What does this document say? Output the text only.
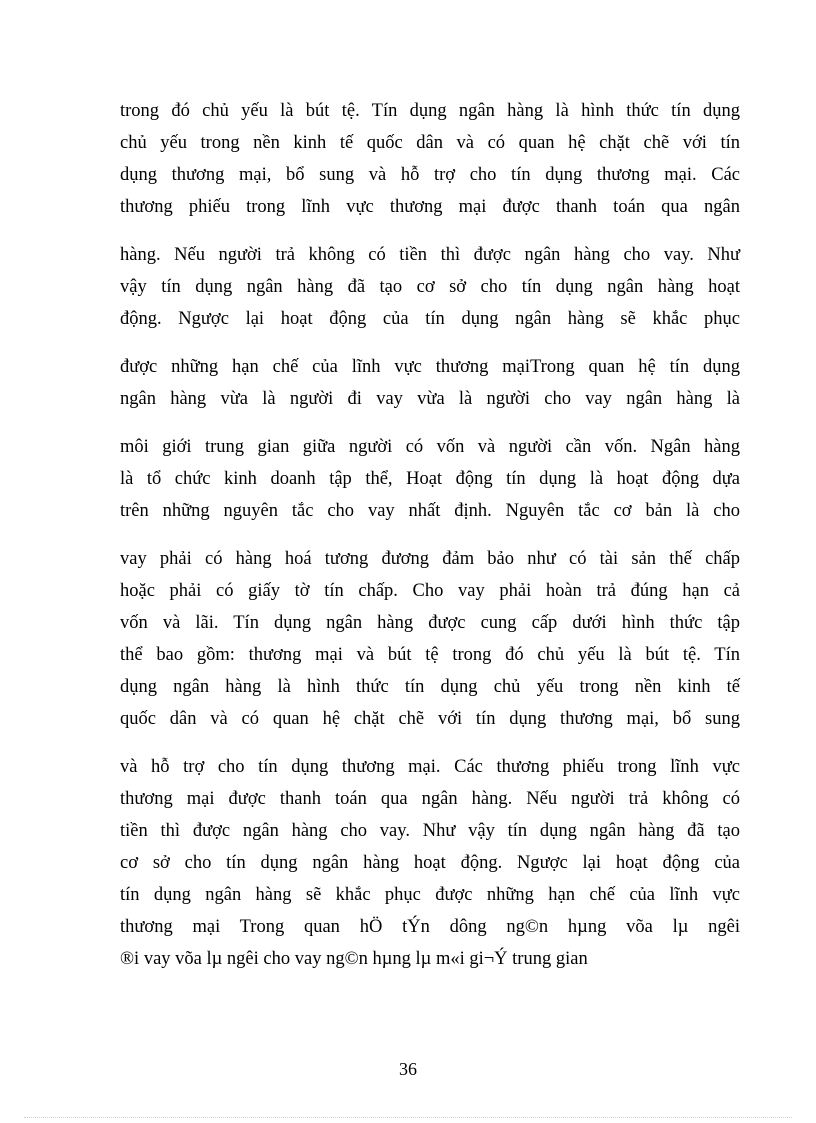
trong đó chủ yếu là bút tệ. Tín dụng ngân hàng là hình thức tín dụng
chủ yếu trong nền kinh tế quốc dân và có quan hệ chặt chẽ với tín
dụng thương mại, bổ sung và hỗ trợ cho tín dụng thương mại. Các
thương phiếu trong lĩnh vực thương mại được thanh toán qua ngân
hàng. Nếu người trả không có tiền thì được ngân hàng cho vay. Như
vậy tín dụng ngân hàng đã tạo cơ sở cho tín dụng ngân hàng hoạt
động. Ngược lại hoạt động của tín dụng ngân hàng sẽ khắc phục
được những hạn chế của lĩnh vực thương mạiTrong quan hệ tín dụng
ngân hàng vừa là người đi vay vừa là người cho vay ngân hàng là
môi giới trung gian giữa người có vốn và người cần vốn. Ngân hàng
là tổ chức kinh doanh tập thể, Hoạt động tín dụng là hoạt động dựa
trên những nguyên tắc cho vay nhất định. Nguyên tắc cơ bản là cho
vay phải có hàng hoá tương đương đảm bảo như có tài sản thế chấp
hoặc phải có giấy tờ tín chấp. Cho vay phải hoàn trả đúng hạn cả
vốn và lãi. Tín dụng ngân hàng được cung cấp dưới hình thức tập
thể bao gồm: thương mại và bút tệ trong đó chủ yếu là bút tệ. Tín
dụng ngân hàng là hình thức tín dụng chủ yếu trong nền kinh tế
quốc dân và có quan hệ chặt chẽ với tín dụng thương mại, bổ sung
và hỗ trợ cho tín dụng thương mại. Các thương phiếu trong lĩnh vực
thương mại được thanh toán qua ngân hàng. Nếu người trả không có
tiền thì được ngân hàng cho vay. Như vậy tín dụng ngân hàng đã tạo
cơ sở cho tín dụng ngân hàng hoạt động. Ngược lại hoạt động của
tín dụng ngân hàng sẽ khắc phục được những hạn chế của lĩnh vực
thương mại Trong quan hÖ tÝn dông ng©n hµng võa lµ ngêi
®i vay võa lµ ngêi cho vay ng©n hµng lµ m«i gi¬Ý trung gian
36
